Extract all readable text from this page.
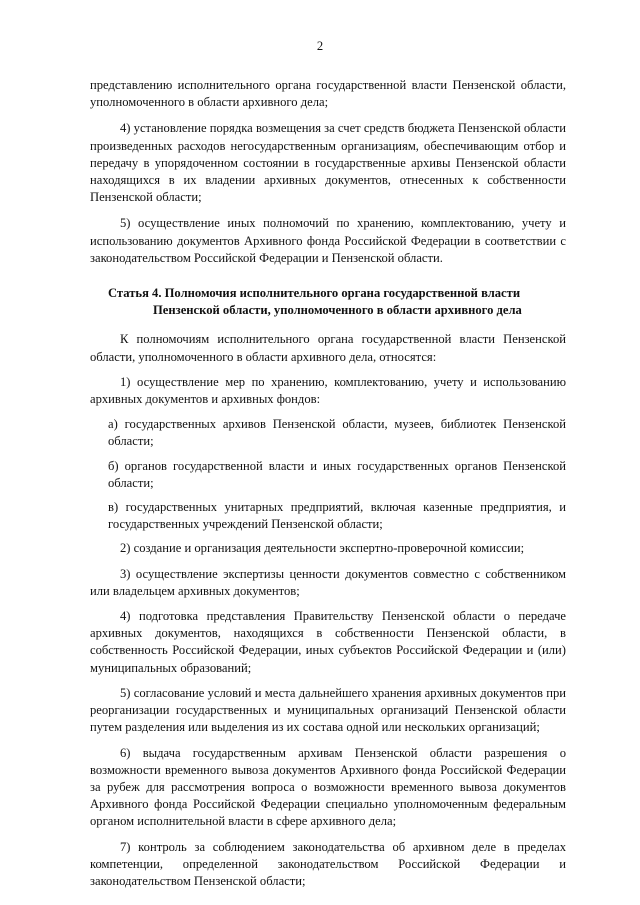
2

представлению исполнительного органа государственной власти Пензенской области, уполномоченного в области архивного дела;

4) установление порядка возмещения за счет средств бюджета Пензенской области произведенных расходов негосударственным организациям, обеспечивающим отбор и передачу в упорядоченном состоянии в государственные архивы Пензенской области находящихся в их владении архивных документов, отнесенных к собственности Пензенской области;

5) осуществление иных полномочий по хранению, комплектованию, учету и использованию документов Архивного фонда Российской Федерации в соответствии с законодательством Российской Федерации и Пензенской области.

Статья 4. Полномочия исполнительного органа государственной власти
Пензенской области, уполномоченного в области архивного дела

К полномочиям исполнительного органа государственной власти Пензенской области, уполномоченного в области архивного дела, относятся:

1) осуществление мер по хранению, комплектованию, учету и использованию архивных документов и архивных фондов:

а) государственных архивов Пензенской области, музеев, библиотек Пензенской области;

б) органов государственной власти и иных государственных органов Пензенской области;

в) государственных унитарных предприятий, включая казенные предприятия, и государственных учреждений Пензенской области;

2) создание и организация деятельности экспертно-проверочной комиссии;

3) осуществление экспертизы ценности документов совместно с собственником или владельцем архивных документов;

4) подготовка представления Правительству Пензенской области о передаче архивных документов, находящихся в собственности Пензенской области, в собственность Российской Федерации, иных субъектов Российской Федерации и (или) муниципальных образований;

5) согласование условий и места дальнейшего хранения архивных документов при реорганизации государственных и муниципальных организаций Пензенской области путем разделения или выделения из их состава одной или нескольких организаций;

6) выдача государственным архивам Пензенской области разрешения о возможности временного вывоза документов Архивного фонда Российской Федерации за рубеж для рассмотрения вопроса о возможности временного вывоза документов Архивного фонда Российской Федерации специально уполномоченным федеральным органом исполнительной власти в сфере архивного дела;

7) контроль за соблюдением законодательства об архивном деле в пределах компетенции, определенной законодательством Российской Федерации и законодательством Пензенской области;
